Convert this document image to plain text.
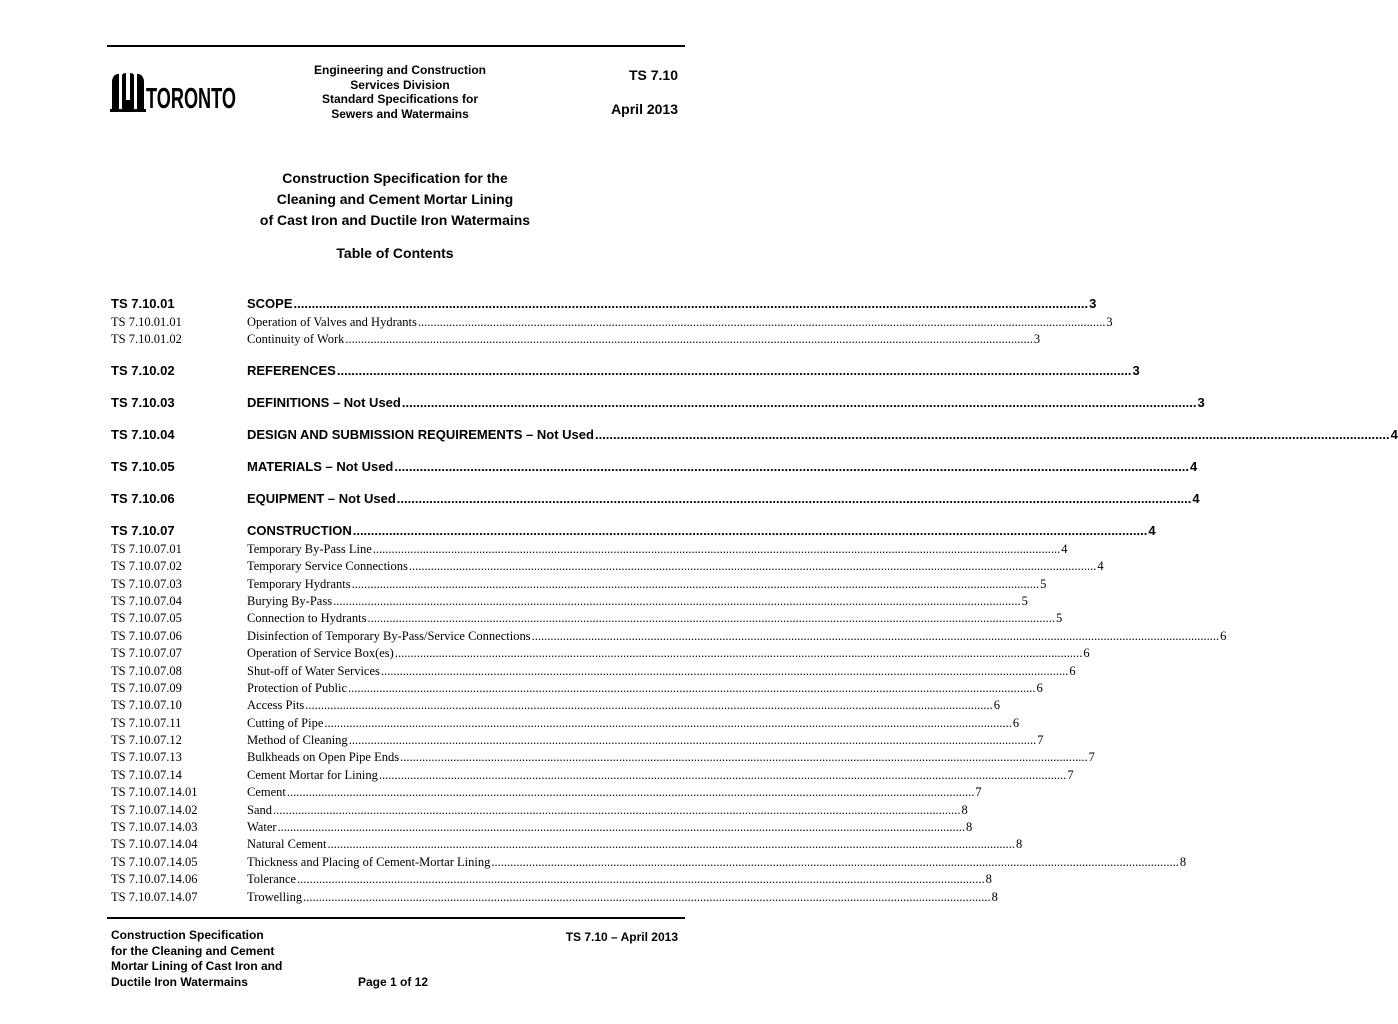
TORONTO
Engineering and Construction
Services Division
Standard Specifications for
Sewers and Watermains
TS 7.10
April 2013
Construction Specification for the
Cleaning and Cement Mortar Lining
of Cast Iron and Ductile Iron Watermains
Table of Contents
TS 7.10.01	SCOPE ............................................................................................................................................................................................................................ 3
TS 7.10.01.01	Operation of Valves and Hydrants ............................................................................................................................................................................................................................ 3
TS 7.10.01.02	Continuity of Work ............................................................................................................................................................................................................................ 3
TS 7.10.02	REFERENCES ............................................................................................................................................................................................................................ 3
TS 7.10.03	DEFINITIONS – Not Used ............................................................................................................................................................................................................................ 3
TS 7.10.04	DESIGN AND SUBMISSION REQUIREMENTS – Not Used ............................................................................................................................................................................................................................ 4
TS 7.10.05	MATERIALS – Not Used ............................................................................................................................................................................................................................ 4
TS 7.10.06	EQUIPMENT – Not Used ............................................................................................................................................................................................................................ 4
TS 7.10.07	CONSTRUCTION ............................................................................................................................................................................................................................ 4
TS 7.10.07.01	Temporary By-Pass Line ............................................................................................................................................................................................................................ 4
TS 7.10.07.02	Temporary Service Connections ............................................................................................................................................................................................................................ 4
TS 7.10.07.03	Temporary Hydrants ............................................................................................................................................................................................................................ 5
TS 7.10.07.04	Burying By-Pass ............................................................................................................................................................................................................................ 5
TS 7.10.07.05	Connection to Hydrants ............................................................................................................................................................................................................................ 5
TS 7.10.07.06	Disinfection of Temporary By-Pass/Service Connections ............................................................................................................................................................................................................................ 6
TS 7.10.07.07	Operation of Service Box(es) ............................................................................................................................................................................................................................ 6
TS 7.10.07.08	Shut-off of Water Services ............................................................................................................................................................................................................................ 6
TS 7.10.07.09	Protection of Public ............................................................................................................................................................................................................................ 6
TS 7.10.07.10	Access Pits ............................................................................................................................................................................................................................ 6
TS 7.10.07.11	Cutting of Pipe ............................................................................................................................................................................................................................ 6
TS 7.10.07.12	Method of Cleaning ............................................................................................................................................................................................................................ 7
TS 7.10.07.13	Bulkheads on Open Pipe Ends ............................................................................................................................................................................................................................ 7
TS 7.10.07.14	Cement Mortar for Lining ............................................................................................................................................................................................................................ 7
TS 7.10.07.14.01	Cement ............................................................................................................................................................................................................................ 7
TS 7.10.07.14.02	Sand ............................................................................................................................................................................................................................ 8
TS 7.10.07.14.03	Water ............................................................................................................................................................................................................................ 8
TS 7.10.07.14.04	Natural Cement ............................................................................................................................................................................................................................ 8
TS 7.10.07.14.05	Thickness and Placing of Cement-Mortar Lining ............................................................................................................................................................................................................................ 8
TS 7.10.07.14.06	Tolerance ............................................................................................................................................................................................................................ 8
TS 7.10.07.14.07	Trowelling ............................................................................................................................................................................................................................ 8
Construction Specification
for the Cleaning and Cement
Mortar Lining of Cast Iron and
Ductile Iron Watermains
TS 7.10 – April 2013
Page 1 of 12
